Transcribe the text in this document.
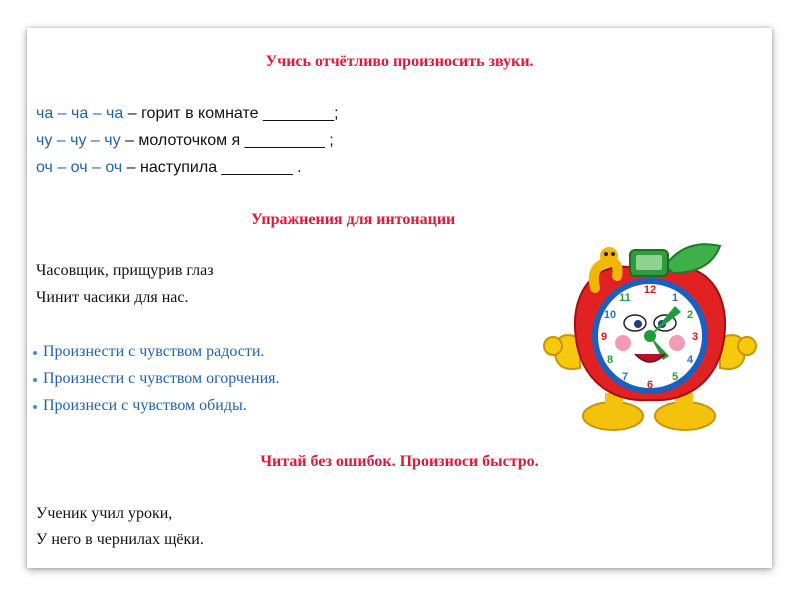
Учись отчётливо произносить звуки.
ча – ча – ча – горит в комнате ________;
чу – чу – чу – молоточком я _________ ;
оч – оч – оч – наступила ________ .
Упражнения для интонации
Часовщик, прищурив глаз
Чинит часики для нас.
Произнести с чувством радости.
Произнести с чувством огорчения.
Произнеси с чувством обиды.
Читай без ошибок. Произноси быстро.
Ученик учил уроки,
У него в чернилах щёки.
12
1
2
3
4
5
6
7
8
9
10
11
